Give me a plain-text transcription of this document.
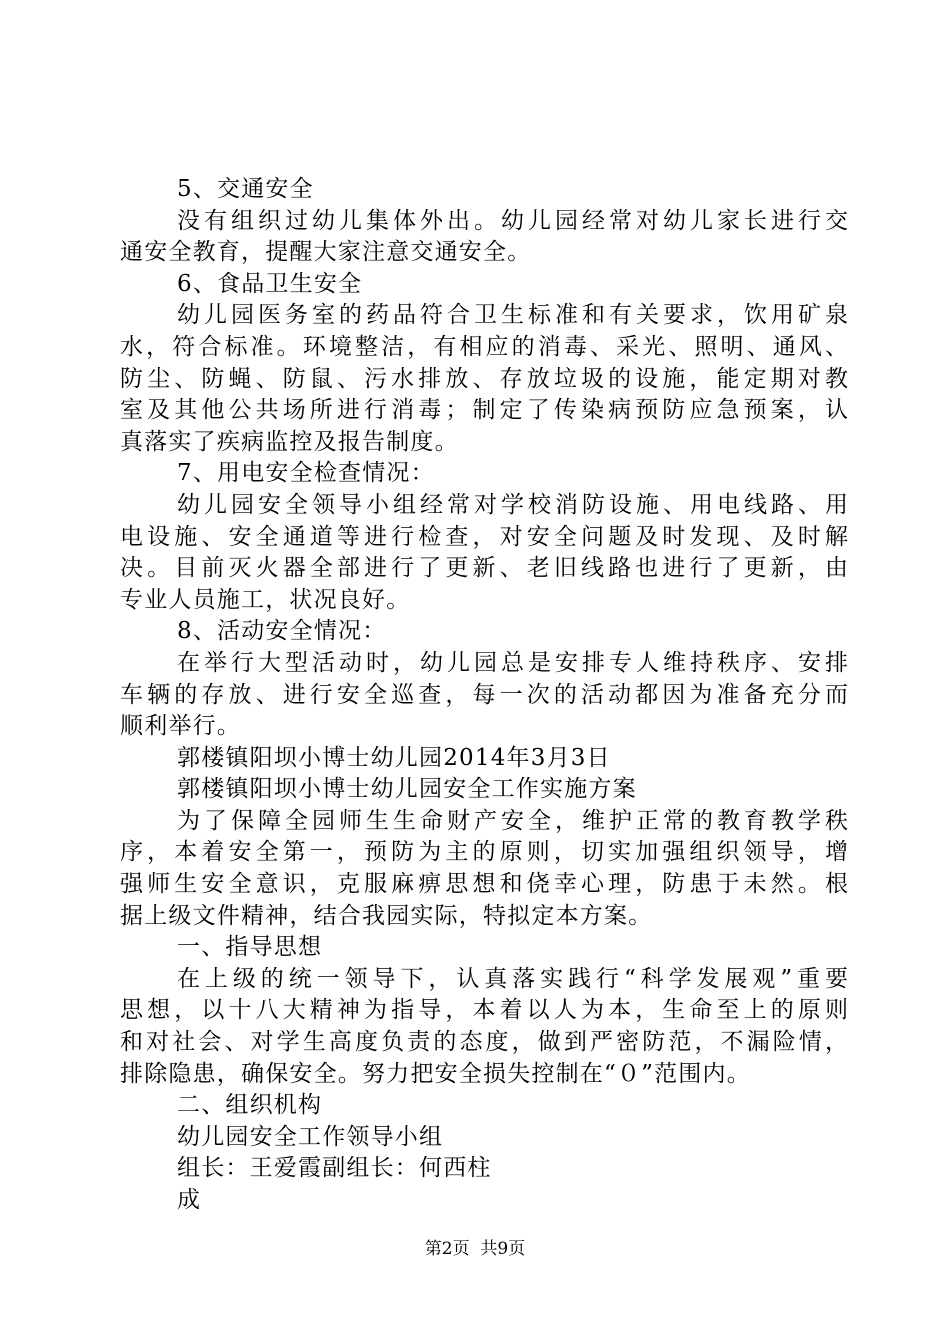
5、交通安全
没有组织过幼儿集体外出。幼儿园经常对幼儿家长进行交
通安全教育，提醒大家注意交通安全。
6、食品卫生安全
幼儿园医务室的药品符合卫生标准和有关要求，饮用矿泉
水，符合标准。环境整洁，有相应的消毒、采光、照明、通风、
防尘、防蝇、防鼠、污水排放、存放垃圾的设施，能定期对教
室及其他公共场所进行消毒；制定了传染病预防应急预案，认
真落实了疾病监控及报告制度。
7、用电安全检查情况：
幼儿园安全领导小组经常对学校消防设施、用电线路、用
电设施、安全通道等进行检查，对安全问题及时发现、及时解
决。目前灭火器全部进行了更新、老旧线路也进行了更新，由
专业人员施工，状况良好。
8、活动安全情况：
在举行大型活动时，幼儿园总是安排专人维持秩序、安排
车辆的存放、进行安全巡查，每一次的活动都因为准备充分而
顺利举行。
郭楼镇阳坝小博士幼儿园2014年3月3日
郭楼镇阳坝小博士幼儿园安全工作实施方案
为了保障全园师生生命财产安全，维护正常的教育教学秩
序，本着安全第一，预防为主的原则，切实加强组织领导，增
强师生安全意识，克服麻痹思想和侥幸心理，防患于未然。根
据上级文件精神，结合我园实际，特拟定本方案。
一、指导思想
在上级的统一领导下，认真落实践行“科学发展观”重要
思想，以十八大精神为指导，本着以人为本，生命至上的原则
和对社会、对学生高度负责的态度，做到严密防范，不漏险情，
排除隐患，确保安全。努力把安全损失控制在“０”范围内。
二、组织机构
幼儿园安全工作领导小组
组长：王爱霞副组长：何西柱
成
第2页  共9页
